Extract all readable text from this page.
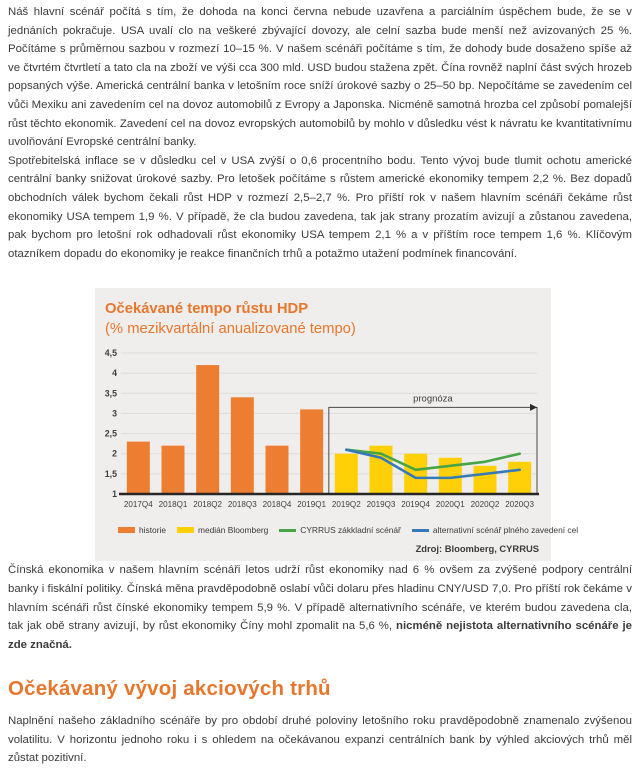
Náš hlavní scénář počítá s tím, že dohoda na konci června nebude uzavřena a parciálním úspěchem bude, že se v jednáních pokračuje. USA uvalí clo na veškeré zbývající dovozy, ale celní sazba bude menší než avizovaných 25 %. Počítáme s průměrnou sazbou v rozmezí 10–15 %. V našem scénáři počítáme s tím, že dohody bude dosaženo spíše až ve čtvrtém čtvrtletí a tato cla na zboží ve výši cca 300 mld. USD budou stažena zpět. Čína rovněž naplní část svých hrozeb popsaných výše. Americká centrální banka v letošním roce sníží úrokové sazby o 25–50 bp. Nepočítáme se zavedením cel vůči Mexiku ani zavedením cel na dovoz automobilů z Evropy a Japonska. Nicméně samotná hrozba cel způsobí pomalejší růst těchto ekonomik. Zavedení cel na dovoz evropských automobilů by mohlo v důsledku vést k návratu ke kvantitativnímu uvolňování Evropské centrální banky.

Spotřebitelská inflace se v důsledku cel v USA zvýší o 0,6 procentního bodu. Tento vývoj bude tlumit ochotu americké centrální banky snižovat úrokové sazby. Pro letošek počítáme s růstem americké ekonomiky tempem 2,2 %. Bez dopadů obchodních válek bychom čekali růst HDP v rozmezí 2,5–2,7 %. Pro příští rok v našem hlavním scénáři čekáme růst ekonomiky USA tempem 1,9 %. V případě, že cla budou zavedena, tak jak strany prozatím avizují a zůstanou zavedena, pak bychom pro letošní rok odhadovali růst ekonomiky USA tempem 2,1 % a v příštím roce tempem 1,6 %. Klíčovým otazníkem dopadu do ekonomiky je reakce finančních trhů a potažmo utažení podmínek financování.

Očekávané tempo růstu HDP
(% mezikvartální anualizované tempo)
1
1,5
2
2,5
3
3,5
4
4,5
prognóza
2017Q4 2018Q1 2018Q2 2018Q3 2018Q4 2019Q1 2019Q2 2019Q3 2019Q4 2020Q1 2020Q2 2020Q3
historie	medián Bloomberg	CYRRUS zákkladní scénář	alternativní scénář plného zavedení cel
Zdroj: Bloomberg, CYRRUS

Čínská ekonomika v našem hlavním scénáři letos udrží růst ekonomiky nad 6 % ovšem za zvýšené podpory centrální banky i fiskální politiky. Čínská měna pravděpodobně oslabí vůči dolaru přes hladinu CNY/USD 7,0. Pro příští rok čekáme v hlavním scénáři růst čínské ekonomiky tempem 5,9 %. V případě alternativního scénáře, ve kterém budou zavedena cla, tak jak obě strany avizují, by růst ekonomiky Číny mohl zpomalit na 5,6 %, nicméně nejistota alternativního scénáře je zde značná.

Očekávaný vývoj akciových trhů

Naplnění našeho základního scénáře by pro období druhé poloviny letošního roku pravděpodobně znamenalo zvýšenou volatilitu. V horizontu jednoho roku i s ohledem na očekávanou expanzi centrálních bank by výhled akciových trhů měl zůstat pozitivní.
